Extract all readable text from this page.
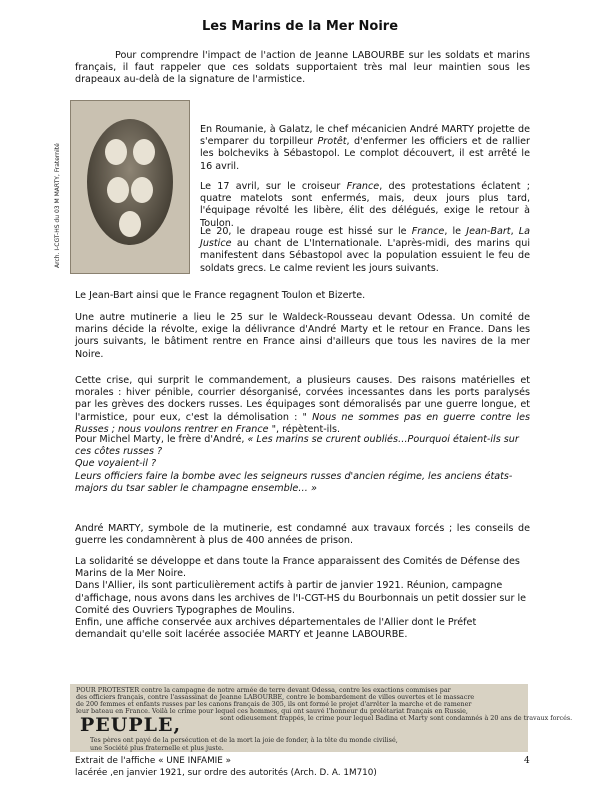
Les Marins de la Mer Noire

Pour comprendre l'impact de l'action de Jeanne LABOURBE sur les soldats et marins français, il faut rappeler que ces soldats supportaient très mal leur maintien sous les drapeaux au-delà de la signature de l'armistice.

Arch. I-CGT-HS du 03 M MARTY, Fraternité

En Roumanie, à Galatz, le chef mécanicien André MARTY projette de s'emparer du torpilleur Protêt, d'enfermer les officiers et de rallier les bolcheviks à Sébastopol. Le complot découvert, il est arrêté le 16 avril.

Le 17 avril, sur le croiseur France, des protestations éclatent ; quatre matelots sont enfermés, mais, deux jours plus tard, l'équipage révolté les libère, élit des délégués, exige le retour à Toulon.

Le 20, le drapeau rouge est hissé sur le France, le Jean-Bart, La Justice au chant de L'Internationale. L'après-midi, des marins qui manifestent dans Sébastopol avec la population essuient le feu de soldats grecs. Le calme revient les jours suivants.

Le Jean-Bart ainsi que le France regagnent Toulon et Bizerte.

Une autre mutinerie a lieu le 25 sur le Waldeck-Rousseau devant Odessa. Un comité de marins décide la révolte, exige la délivrance d'André Marty et le retour en France. Dans les jours suivants, le bâtiment rentre en France ainsi d'ailleurs que tous les navires de la mer Noire.

Cette crise, qui surprit le commandement, a plusieurs causes. Des raisons matérielles et morales : hiver pénible, courrier désorganisé, corvées incessantes dans les ports paralysés par les grèves des dockers russes. Les équipages sont démoralisés par une guerre longue, et l'armistice, pour eux, c'est la démolisation : " Nous ne sommes pas en guerre contre les Russes ; nous voulons rentrer en France ", répètent-ils.

Pour Michel Marty, le frère d'André, « Les marins se crurent oubliés…Pourquoi étaient-ils sur ces côtes russes ?
Que voyaient-il ?
Leurs officiers faire la bombe avec les seigneurs russes d'ancien régime, les anciens états-majors du tsar sabler le champagne ensemble… »

André MARTY, symbole de la mutinerie, est condamné aux travaux forcés ; les conseils de guerre les condamnèrent à plus de 400 années de prison.

La solidarité se développe et dans toute la France apparaissent des Comités de Défense des Marins de la Mer Noire.
Dans l'Allier, ils sont particulièrement actifs à partir de janvier 1921. Réunion, campagne d'affichage, nous avons dans les archives de l'I-CGT-HS du Bourbonnais un petit dossier sur le Comité des Ouvriers Typographes de Moulins.
Enfin, une affiche conservée aux archives départementales de l'Allier dont le Préfet demandait qu'elle soit lacérée associée MARTY et Jeanne LABOURBE.

POUR PROTESTER contre la campagne de notre armée de terre devant Odessa, contre les exactions commises par
des officiers français, contre l'assassinat de Jeanne LABOURBE, contre le bombardement de villes ouvertes et le massacre
de 200 femmes et enfants russes par les canons français de 305, ils ont formé le projet d'arrêter la marche et de ramener
leur bateau en France. Voilà le crime pour lequel ces hommes, qui ont sauvé l'honneur du prolétariat français en Russie,
sont odieusement frappés, le crime pour lequel Badina et Marty sont condamnés à 20 ans de travaux forcés.
PEUPLE,
Tes pères ont payé de la persécution et de la mort la joie de fonder, à la tête du monde civilisé,
une Société plus fraternelle et plus juste.
Extrait de l'affiche « UNE INFAMIE »
lacérée ,en janvier 1921, sur ordre des autorités (Arch. D. A. 1M710)
4
